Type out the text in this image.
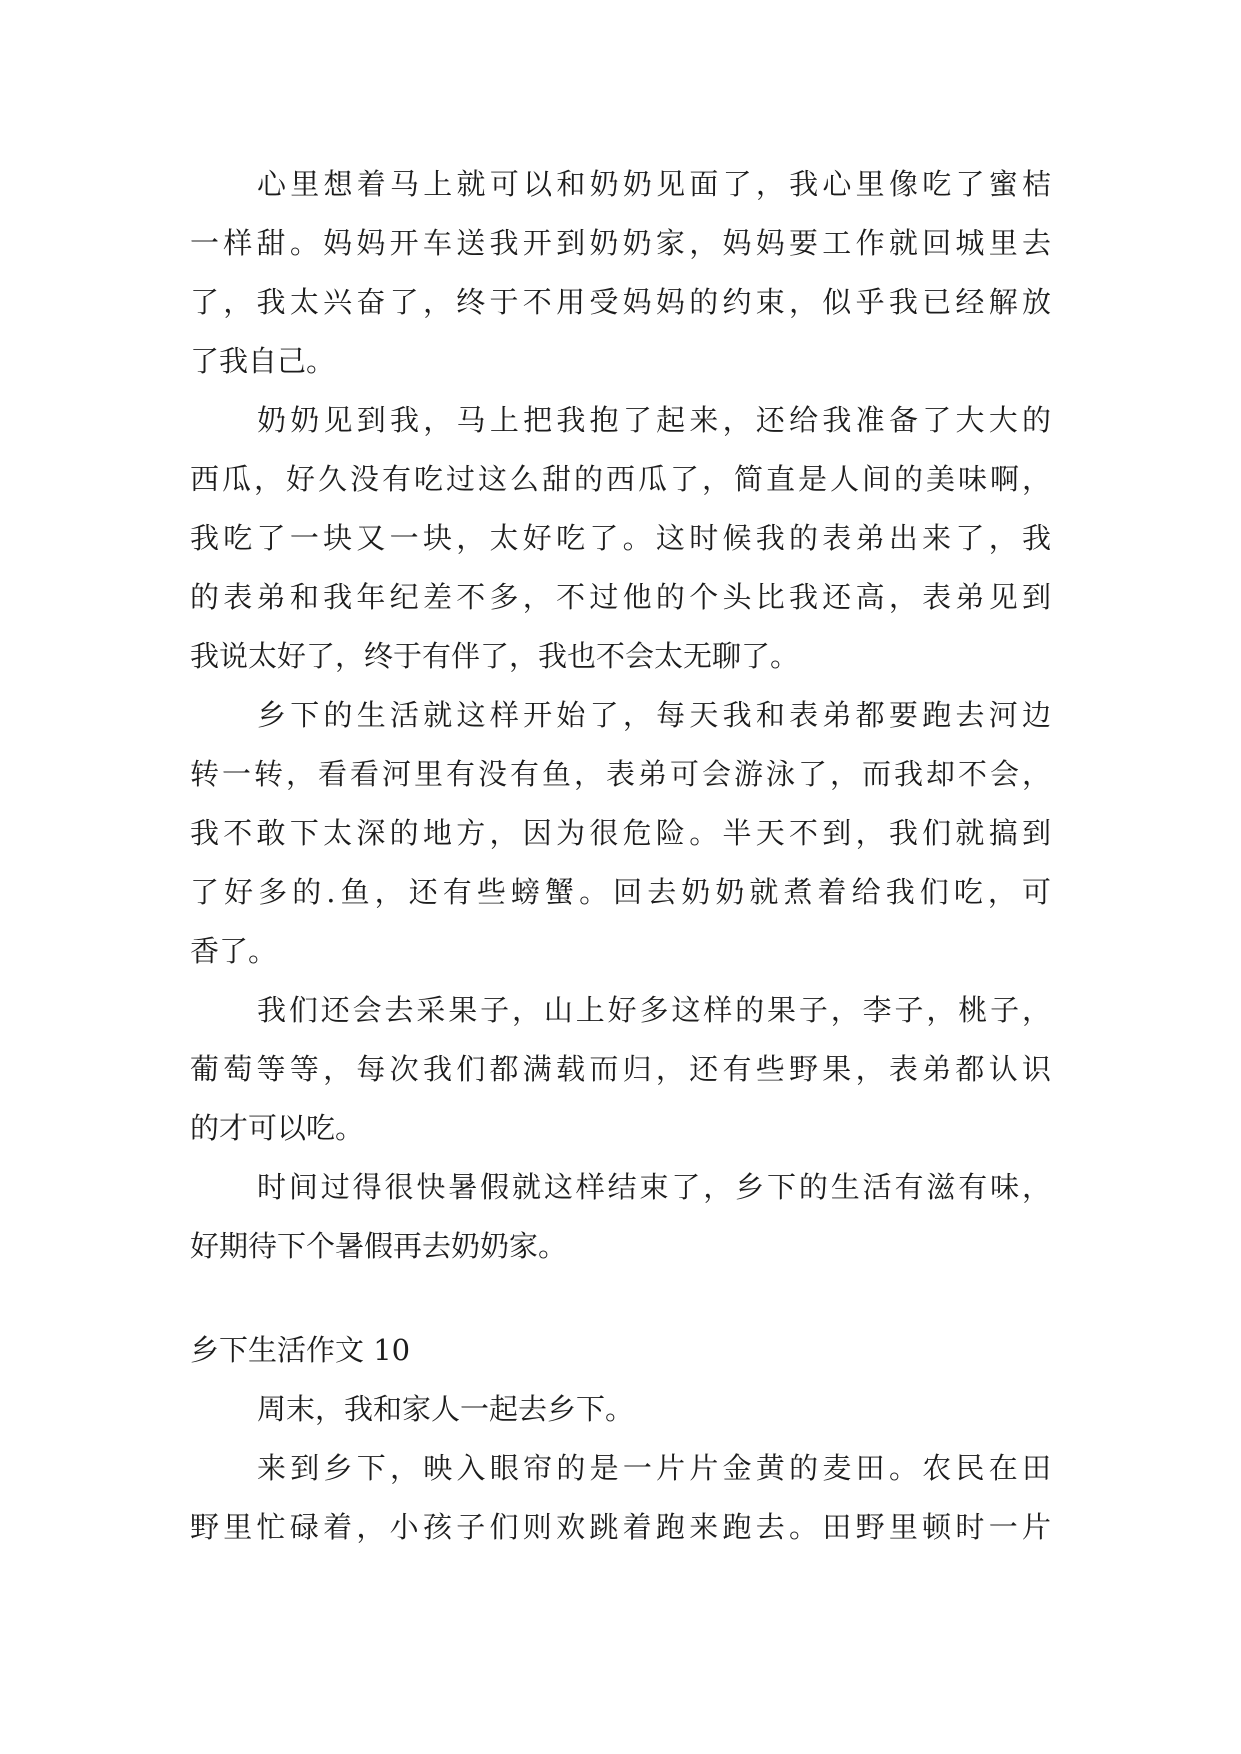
心里想着马上就可以和奶奶见面了，我心里像吃了蜜桔
一样甜。妈妈开车送我开到奶奶家，妈妈要工作就回城里去
了，我太兴奋了，终于不用受妈妈的约束，似乎我已经解放
了我自己。
奶奶见到我，马上把我抱了起来，还给我准备了大大的
西瓜，好久没有吃过这么甜的西瓜了，简直是人间的美味啊，
我吃了一块又一块，太好吃了。这时候我的表弟出来了，我
的表弟和我年纪差不多，不过他的个头比我还高，表弟见到
我说太好了，终于有伴了，我也不会太无聊了。
乡下的生活就这样开始了，每天我和表弟都要跑去河边
转一转，看看河里有没有鱼，表弟可会游泳了，而我却不会，
我不敢下太深的地方，因为很危险。半天不到，我们就搞到
了好多的.鱼，还有些螃蟹。回去奶奶就煮着给我们吃，可
香了。
我们还会去采果子，山上好多这样的果子，李子，桃子，
葡萄等等，每次我们都满载而归，还有些野果，表弟都认识
的才可以吃。
时间过得很快暑假就这样结束了，乡下的生活有滋有味，
好期待下个暑假再去奶奶家。
乡下生活作文 10
周末，我和家人一起去乡下。
来到乡下，映入眼帘的是一片片金黄的麦田。农民在田
野里忙碌着，小孩子们则欢跳着跑来跑去。田野里顿时一片
